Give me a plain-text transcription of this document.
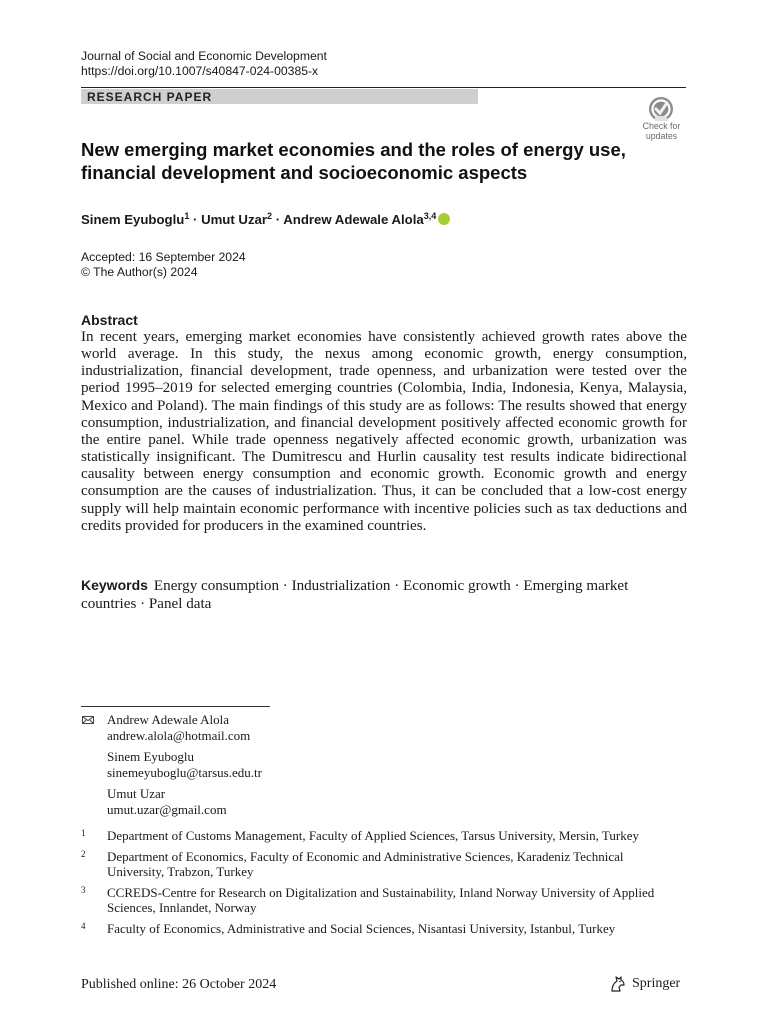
Journal of Social and Economic Development
https://doi.org/10.1007/s40847-024-00385-x
RESEARCH PAPER
Check for
updates
New emerging market economies and the roles of energy use, financial development and socioeconomic aspects
Sinem Eyuboglu$^1$ · Umut Uzar$^2$ · Andrew Adewale Alola$^{3,4}$
Accepted: 16 September 2024
© The Author(s) 2024
Abstract
In recent years, emerging market economies have consistently achieved growth rates above the world average. In this study, the nexus among economic growth, energy consumption, industrialization, financial development, trade openness, and urbanization were tested over the period 1995–2019 for selected emerging countries (Colombia, India, Indonesia, Kenya, Malaysia, Mexico and Poland). The main findings of this study are as follows: The results showed that energy consumption, industrialization, and financial development positively affected economic growth for the entire panel. While trade openness negatively affected economic growth, urbanization was statistically insignificant. The Dumitrescu and Hurlin causality test results indicate bidirectional causality between energy consumption and economic growth. Economic growth and energy consumption are the causes of industrialization. Thus, it can be concluded that a low-cost energy supply will help maintain economic performance with incentive policies such as tax deductions and credits provided for producers in the examined countries.
Keywords Energy consumption · Industrialization · Economic growth · Emerging market countries · Panel data
Andrew Adewale Alola
andrew.alola@hotmail.com
Sinem Eyuboglu
sinemeyuboglu@tarsus.edu.tr
Umut Uzar
umut.uzar@gmail.com
1 Department of Customs Management, Faculty of Applied Sciences, Tarsus University, Mersin, Turkey
2 Department of Economics, Faculty of Economic and Administrative Sciences, Karadeniz Technical University, Trabzon, Turkey
3 CCREDS-Centre for Research on Digitalization and Sustainability, Inland Norway University of Applied Sciences, Innlandet, Norway
4 Faculty of Economics, Administrative and Social Sciences, Nisantasi University, Istanbul, Turkey
Published online: 26 October 2024	Springer
